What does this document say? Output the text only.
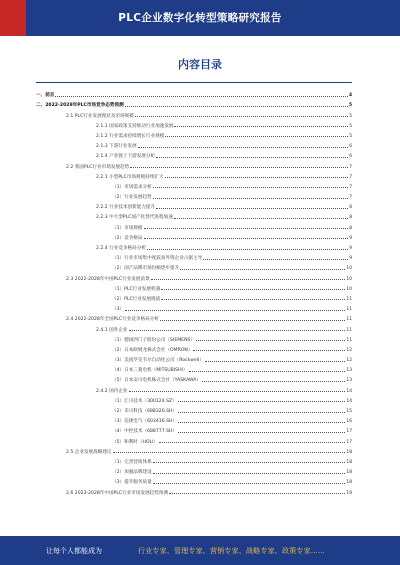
PLC企业数字化转型策略研究报告
内容目录
一、前言	4
二、2022-2028年PLC市场竞争态势预测	5
2.1 PLC行业发展现状及市场规模	5
2.1.1 国家政策支持推动行业加速发展	5
2.1.2 行业需求持续增长行业规模	5
2.1.3 下游行业发展	6
2.1.4 产业链上下游发展分析	6
2.2 我国PLC行业市场发展趋势	7
2.2.1 小型PLC市场规模持续扩大	7
（1）市场需求分析	7
（2）行业发展趋势	7
2.2.2 行业技术创新能力提升	8
2.2.3 中大型PLC国产化替代进程加速	8
（1）市场规模	8
（2）竞争格局	9
2.2.4 行业竞争格局分析	9
（1）行业市场集中度较高外资企业占据主导	9
（2）国产品牌市场份额逐步提升	10
2.3 2022-2028年中国PLC行业发展前景	10
（1）PLC行业发展机遇	10
（2）PLC行业发展挑战	11
（3）	11
2.4 2022-2028年全国PLC行业竞争格局分析	11
2.4.1 国外企业	11
（1）德国西门子股份公司（SIEMENS）	11
（2）日本欧姆龙株式会社（OMRON）	12
（3）美国罗克韦尔自动化公司（Rockwell）	12
（4）日本三菱电机（MITSUBISHI）	13
（5）日本安川电机株式会社（YASKAWA）	13
2.4.2 国内企业	14
（1）汇川技术（300124.SZ）	14
（2）禾川科技（688320.SH）	15
（3）信捷电气（603416.SH）	16
（4）中控技术（688777.SH）	17
（5）和利时（HOLI）	17
2.5 企业发展战略建议	18
（1）完善营销体系	18
（2）加强品牌建设	18
（3）提升服务质量	18
2.6 2023-2028年中国PLC行业市场发展趋势预测	19
让每个人都能成为	行业专家、管理专家、营销专家、战略专家、政策专家……
